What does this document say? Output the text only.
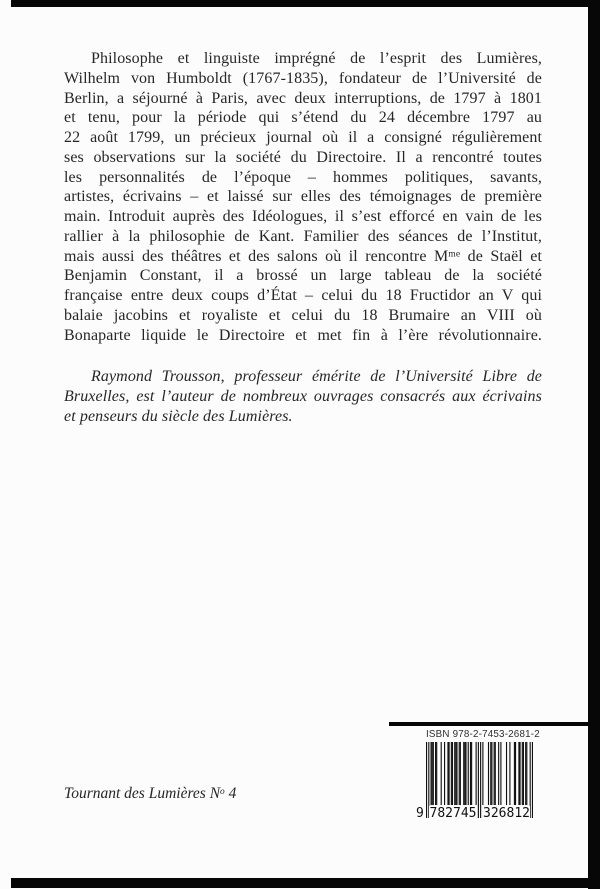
Philosophe et linguiste imprégné de l’esprit des Lumières,
Wilhelm von Humboldt (1767-1835), fondateur de l’Université de
Berlin, a séjourné à Paris, avec deux interruptions, de 1797 à 1801
et tenu, pour la période qui s’étend du 24 décembre 1797 au
22 août 1799, un précieux journal où il a consigné régulièrement
ses observations sur la société du Directoire. Il a rencontré toutes
les personnalités de l’époque – hommes politiques, savants,
artistes, écrivains – et laissé sur elles des témoignages de première
main. Introduit auprès des Idéologues, il s’est efforcé en vain de les
rallier à la philosophie de Kant. Familier des séances de l’Institut,
mais aussi des théâtres et des salons où il rencontre $M^{me}$ de Staël et
Benjamin Constant, il a brossé un large tableau de la société
française entre deux coups d’État – celui du 18 Fructidor an V qui
balaie jacobins et royaliste et celui du 18 Brumaire an VIII où
Bonaparte liquide le Directoire et met fin à l’ère révolutionnaire.
Raymond Trousson, professeur émérite de l’Université Libre de
Bruxelles, est l’auteur de nombreux ouvrages consacrés aux écrivains
et penseurs du siècle des Lumières.
Tournant des Lumières $N^o$ 4
ISBN 978-2-7453-2681-2
9 782745 326812
